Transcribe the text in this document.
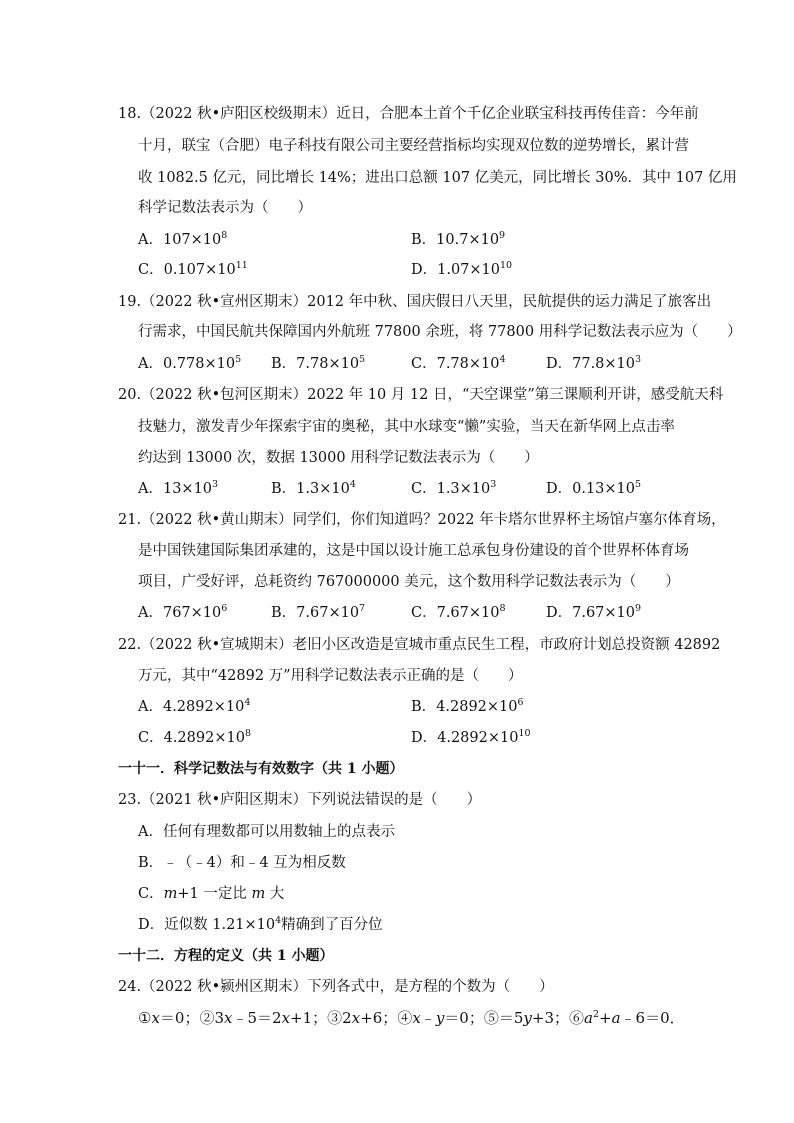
18.（2022 秋•庐阳区校级期末）近日，合肥本土首个千亿企业联宝科技再传佳音：今年前
十月，联宝（合肥）电子科技有限公司主要经营指标均实现双位数的逆势增长，累计营
收 1082.5 亿元，同比增长 14%；进出口总额 107 亿美元，同比增长 30%．其中 107 亿用
科学记数法表示为（　　）
A．$107\times 10^8$	B．$10.7\times 10^9$
C．$0.107\times 10^{11}$	D．$1.07\times 10^{10}$
19.（2022 秋•宣州区期末）2012 年中秋、国庆假日八天里，民航提供的运力满足了旅客出
行需求，中国民航共保障国内外航班 77800 余班，将 77800 用科学记数法表示应为（　　）
A．$0.778\times 10^5$ B．$7.78\times 10^5$	C．$7.78\times 10^4$	D．$77.8\times 10^3$
20.（2022 秋•包河区期末）2022 年 10 月 12 日，“天空课堂”第三课顺利开讲，感受航天科
技魅力，激发青少年探索宇宙的奥秘，其中水球变“懒”实验，当天在新华网上点击率
约达到 13000 次，数据 13000 用科学记数法表示为（　　）
A．$13\times 10^3$	B．$1.3\times 10^4$	C．$1.3\times 10^3$	D．$0.13\times 10^5$
21.（2022 秋•黄山期末）同学们，你们知道吗？2022 年卡塔尔世界杯主场馆卢塞尔体育场，
是中国铁建国际集团承建的，这是中国以设计施工总承包身份建设的首个世界杯体育场
项目，广受好评，总耗资约 767000000 美元，这个数用科学记数法表示为（　　）
A．$767\times 10^6$	B．$7.67\times 10^7$	C．$7.67\times 10^8$	D．$7.67\times 10^9$
22.（2022 秋•宣城期末）老旧小区改造是宣城市重点民生工程，市政府计划总投资额 42892
万元，其中“42892 万”用科学记数法表示正确的是（　　）
A．$4.2892\times 10^4$	B．$4.2892\times 10^6$
C．$4.2892\times 10^8$	D．$4.2892\times 10^{10}$
一十一．科学记数法与有效数字（共 1 小题）
23.（2021 秋•庐阳区期末）下列说法错误的是（　　）
A．任何有理数都可以用数轴上的点表示
B．﹣（﹣4）和﹣4 互为相反数
C．m+1 一定比 m 大
D．近似数 $1.21\times 10^4$精确到了百分位
一十二．方程的定义（共 1 小题）
24.（2022 秋•颍州区期末）下列各式中，是方程的个数为（　　）
①x＝0；②3x﹣5＝2x+1；③2x+6；④x﹣y＝0；⑤＝5y+3；$⑥a^2+a﹣6=0$．
